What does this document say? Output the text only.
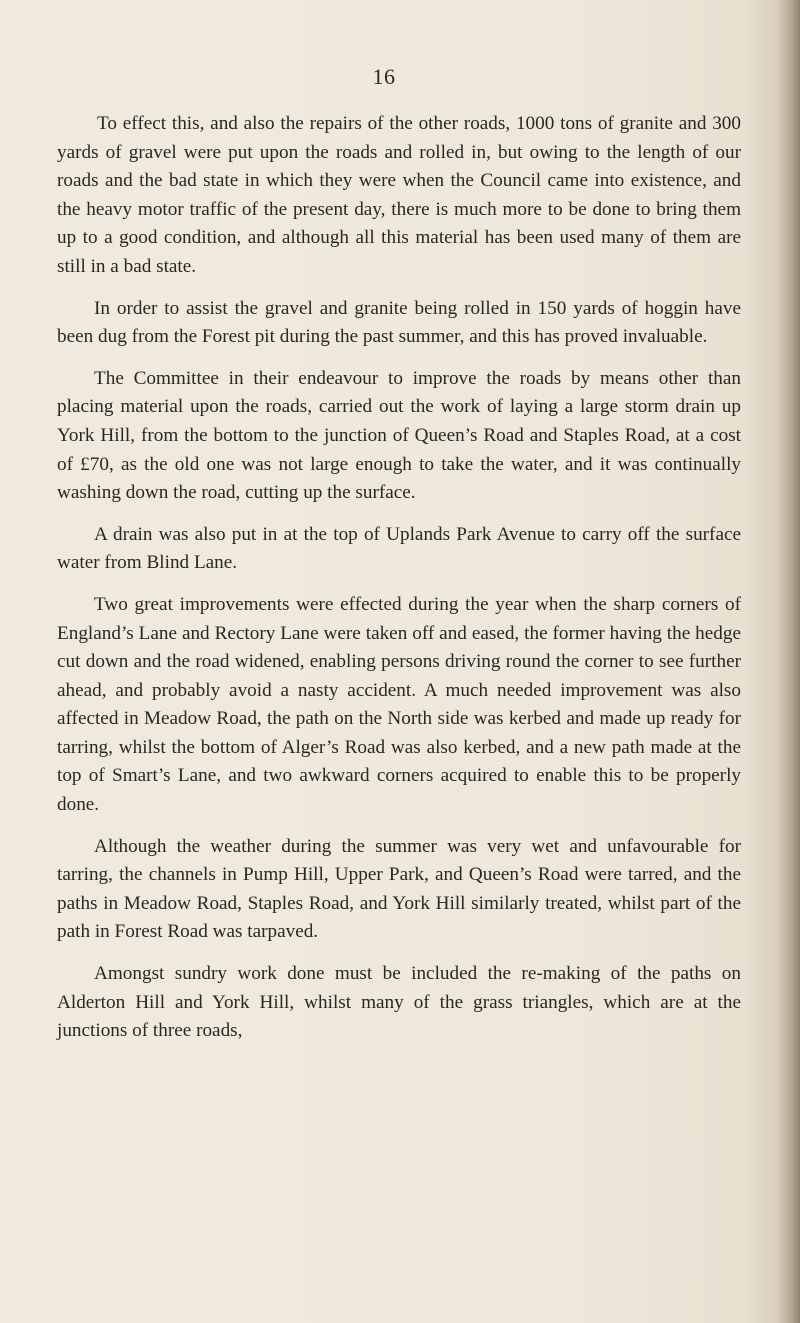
16

To effect this, and also the repairs of the other roads, 1000 tons of granite and 300 yards of gravel were put upon the roads and rolled in, but owing to the length of our roads and the bad state in which they were when the Council came into existence, and the heavy motor traffic of the present day, there is much more to be done to bring them up to a good condition, and although all this material has been used many of them are still in a bad state.

In order to assist the gravel and granite being rolled in 150 yards of hoggin have been dug from the Forest pit during the past summer, and this has proved invaluable.

The Committee in their endeavour to improve the roads by means other than placing material upon the roads, carried out the work of laying a large storm drain up York Hill, from the bottom to the junction of Queen’s Road and Staples Road, at a cost of £70, as the old one was not large enough to take the water, and it was continually washing down the road, cutting up the surface.

A drain was also put in at the top of Uplands Park Avenue to carry off the surface water from Blind Lane.

Two great improvements were effected during the year when the sharp corners of England’s Lane and Rectory Lane were taken off and eased, the former having the hedge cut down and the road widened, enabling persons driving round the corner to see further ahead, and probably avoid a nasty accident. A much needed improvement was also affected in Meadow Road, the path on the North side was kerbed and made up ready for tarring, whilst the bottom of Alger’s Road was also kerbed, and a new path made at the top of Smart’s Lane, and two awkward corners acquired to enable this to be properly done.

Although the weather during the summer was very wet and unfavourable for tarring, the channels in Pump Hill, Upper Park, and Queen’s Road were tarred, and the paths in Meadow Road, Staples Road, and York Hill similarly treated, whilst part of the path in Forest Road was tarpaved.

Amongst sundry work done must be included the re-making of the paths on Alderton Hill and York Hill, whilst many of the grass triangles, which are at the junctions of three roads,
